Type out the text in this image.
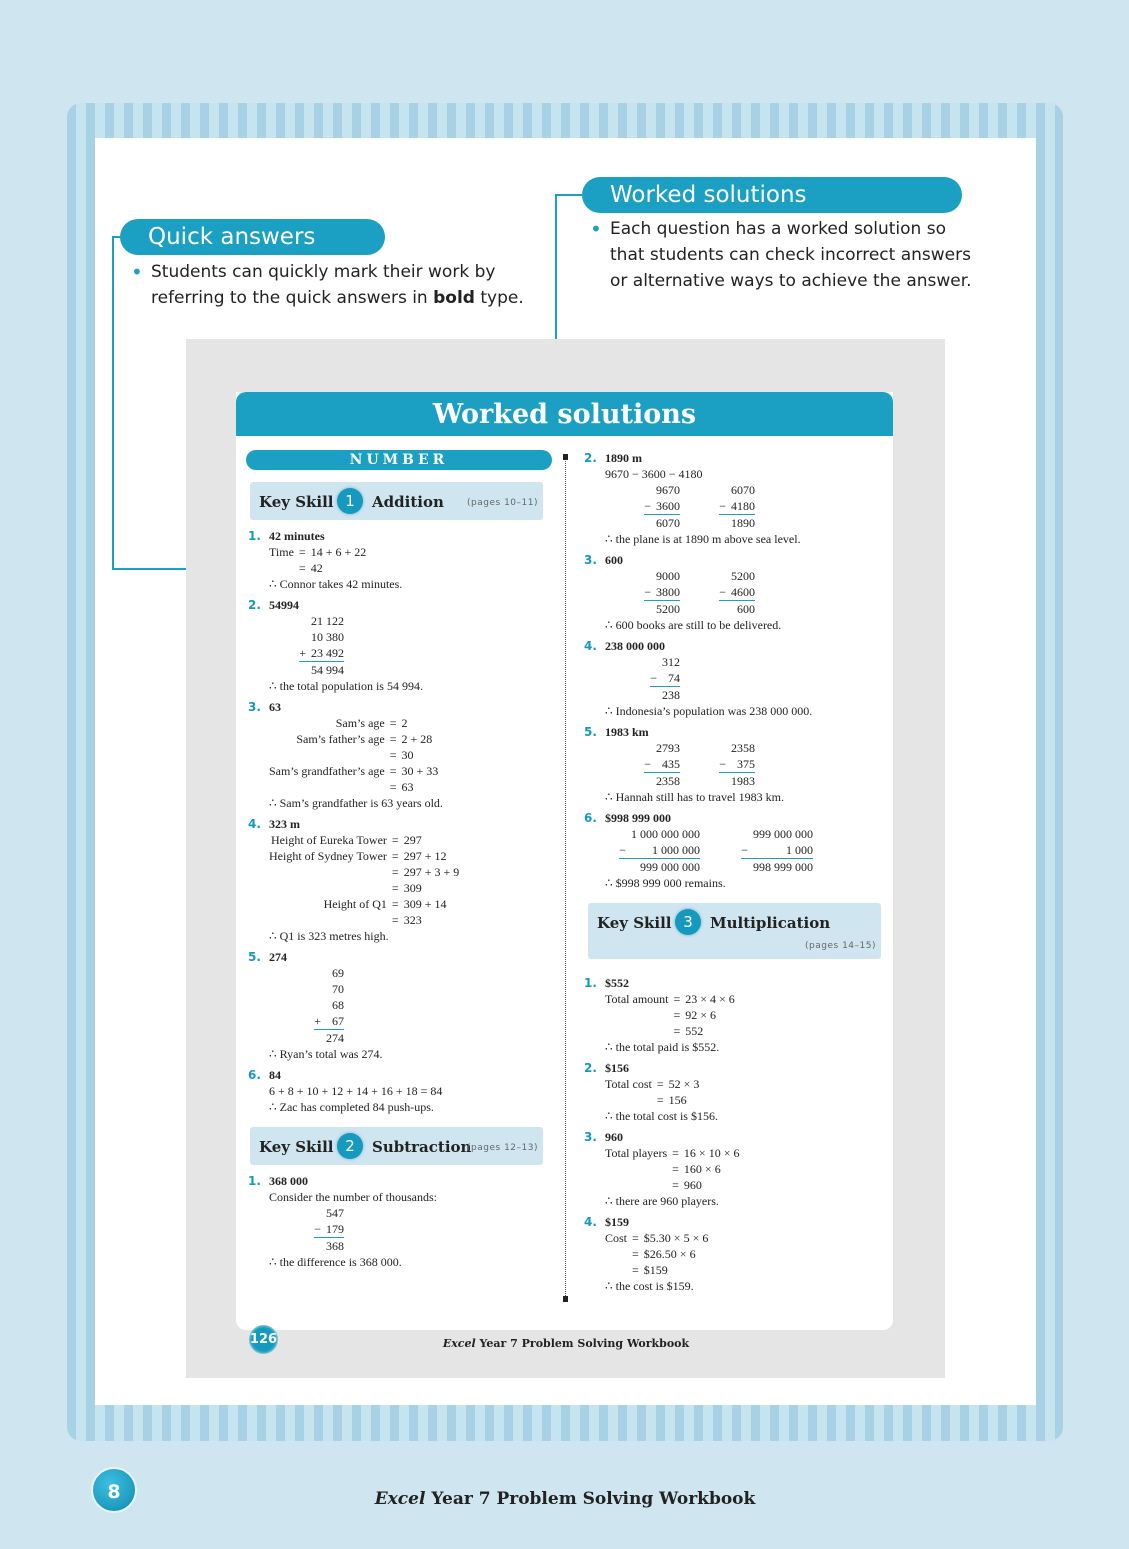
Quick answers
• Students can quickly mark their work by referring to the quick answers in bold type.
Worked solutions
• Each question has a worked solution so that students can check incorrect answers or alternative ways to achieve the answer.
Worked solutions
NUMBER
Key Skill 1	Addition	(pages 10–11)
1. 42 minutes
Time = 14 + 6 + 22
= 42
∴ Connor takes 42 minutes.
2. 54994
	21 122
	10 380
+	23 492
	54 994
∴ the total population is 54 994.
3. 63
Sam’s age = 2
Sam’s father’s age = 2 + 28
= 30
Sam’s grandfather’s age = 30 + 33
= 63
∴ Sam’s grandfather is 63 years old.
4. 323 m
Height of Eureka Tower = 297
Height of Sydney Tower = 297 + 12
= 297 + 3 + 9
= 309
Height of Q1 = 309 + 14
= 323
∴ Q1 is 323 metres high.
5. 274
	69
	70
	68
+	67
	274
∴ Ryan’s total was 274.
6. 84
6 + 8 + 10 + 12 + 14 + 16 + 18 = 84
∴ Zac has completed 84 push-ups.
Key Skill 2	Subtraction
(pages 12–13)
1. 368 000
Consider the number of thousands:
	547
−	179
	368
∴ the difference is 368 000.
2. 1890 m
9670 − 3600 − 4180
	9670
−	3600
	6070
	6070
−	4180
	1890
∴ the plane is at 1890 m above sea level.
3. 600
	9000
−	3800
	5200
	5200
−	4600
	600
∴ 600 books are still to be delivered.
4. 238 000 000
	312
−	74
	238
∴ Indonesia’s population was 238 000 000.
5. 1983 km
	2793
−	435
	2358
	2358
−	375
	1983
∴ Hannah still has to travel 1983 km.
6. $998 999 000
	1 000 000 000
−	1 000 000
	999 000 000
	999 000 000
−	1 000
	998 999 000
∴ $998 999 000 remains.
Key Skill 3	Multiplication
(pages 14–15)
1. $552
Total amount = 23 × 4 × 6
= 92 × 6
= 552
∴ the total paid is $552.
2. $156
Total cost = 52 × 3
= 156
∴ the total cost is $156.
3. 960
Total players = 16 × 10 × 6
= 160 × 6
= 960
∴ there are 960 players.
4. $159
Cost = $5.30 × 5 × 6
= $26.50 × 6
= $159
∴ the cost is $159.
126	Excel Year 7 Problem Solving Workbook
8	Excel Year 7 Problem Solving Workbook
